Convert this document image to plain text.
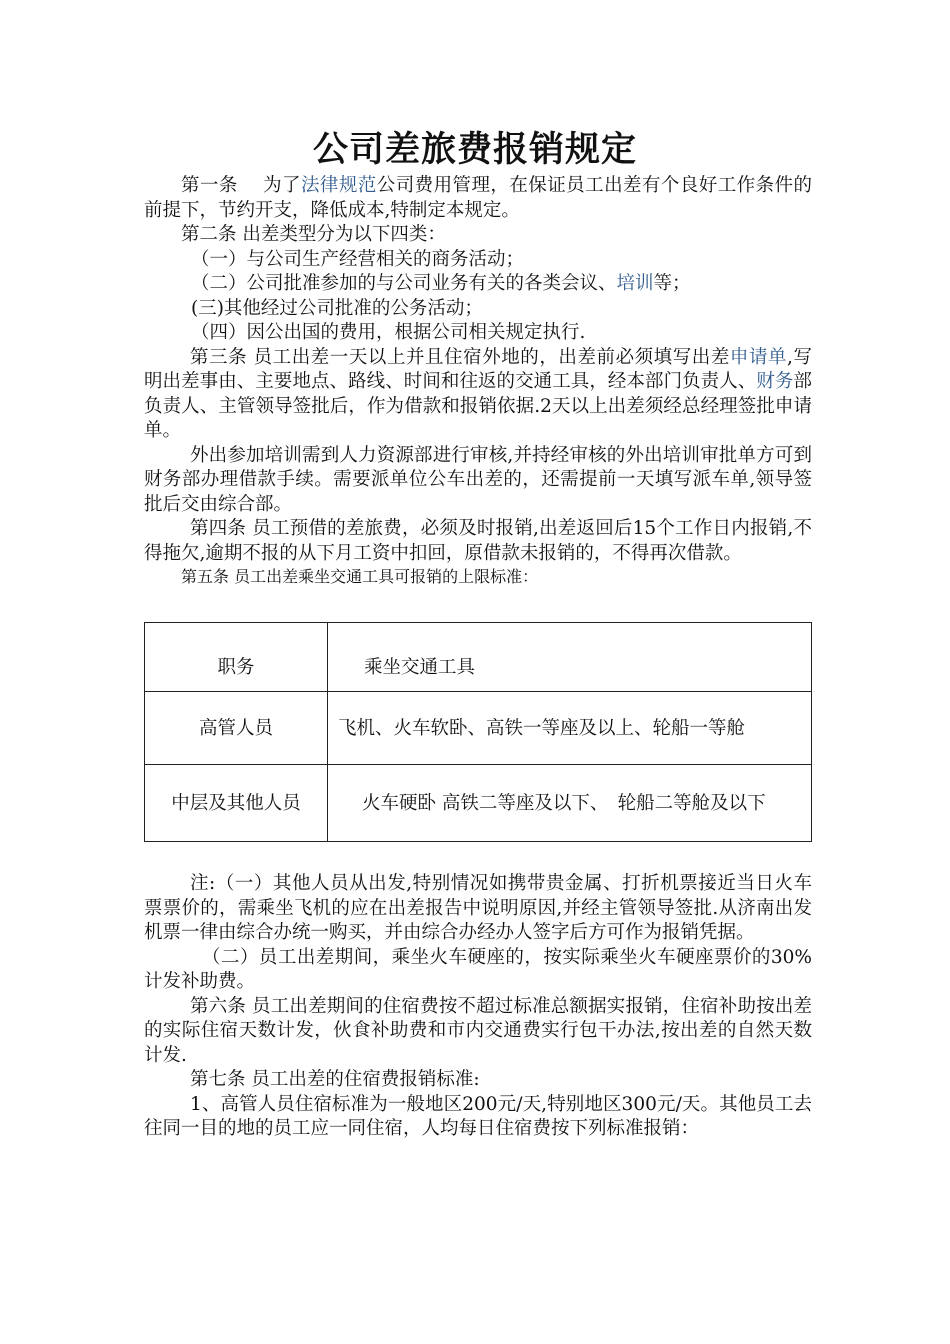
公司差旅费报销规定

第一条　 为了法律规范公司费用管理，在保证员工出差有个良好工作条件的前提下，节约开支，降低成本,特制定本规定。

第二条 出差类型分为以下四类：

（一）与公司生产经营相关的商务活动；

（二）公司批准参加的与公司业务有关的各类会议、培训等；

(三)其他经过公司批准的公务活动；

（四）因公出国的费用，根据公司相关规定执行.

第三条 员工出差一天以上并且住宿外地的，出差前必须填写出差申请单,写明出差事由、主要地点、路线、时间和往返的交通工具，经本部门负责人、财务部负责人、主管领导签批后，作为借款和报销依据.2天以上出差须经总经理签批申请单。

外出参加培训需到人力资源部进行审核,并持经审核的外出培训审批单方可到财务部办理借款手续。需要派单位公车出差的，还需提前一天填写派车单,领导签批后交由综合部。

第四条 员工预借的差旅费，必须及时报销,出差返回后15个工作日内报销,不得拖欠,逾期不报的从下月工资中扣回，原借款未报销的，不得再次借款。

第五条 员工出差乘坐交通工具可报销的上限标准：

职务	乘坐交通工具
高管人员	飞机、火车软卧、高铁一等座及以上、轮船一等舱
中层及其他人员	火车硬卧 高铁二等座及以下、　轮船二等舱及以下

注:（一）其他人员从出发,特别情况如携带贵金属、打折机票接近当日火车票票价的，需乘坐飞机的应在出差报告中说明原因,并经主管领导签批.从济南出发机票一律由综合办统一购买，并由综合办经办人签字后方可作为报销凭据。

（二）员工出差期间，乘坐火车硬座的，按实际乘坐火车硬座票价的30%计发补助费。

第六条 员工出差期间的住宿费按不超过标准总额据实报销，住宿补助按出差的实际住宿天数计发，伙食补助费和市内交通费实行包干办法,按出差的自然天数计发.

第七条 员工出差的住宿费报销标准:

1、高管人员住宿标准为一般地区200元/天,特别地区300元/天。其他员工去往同一目的地的员工应一同住宿，人均每日住宿费按下列标准报销：
